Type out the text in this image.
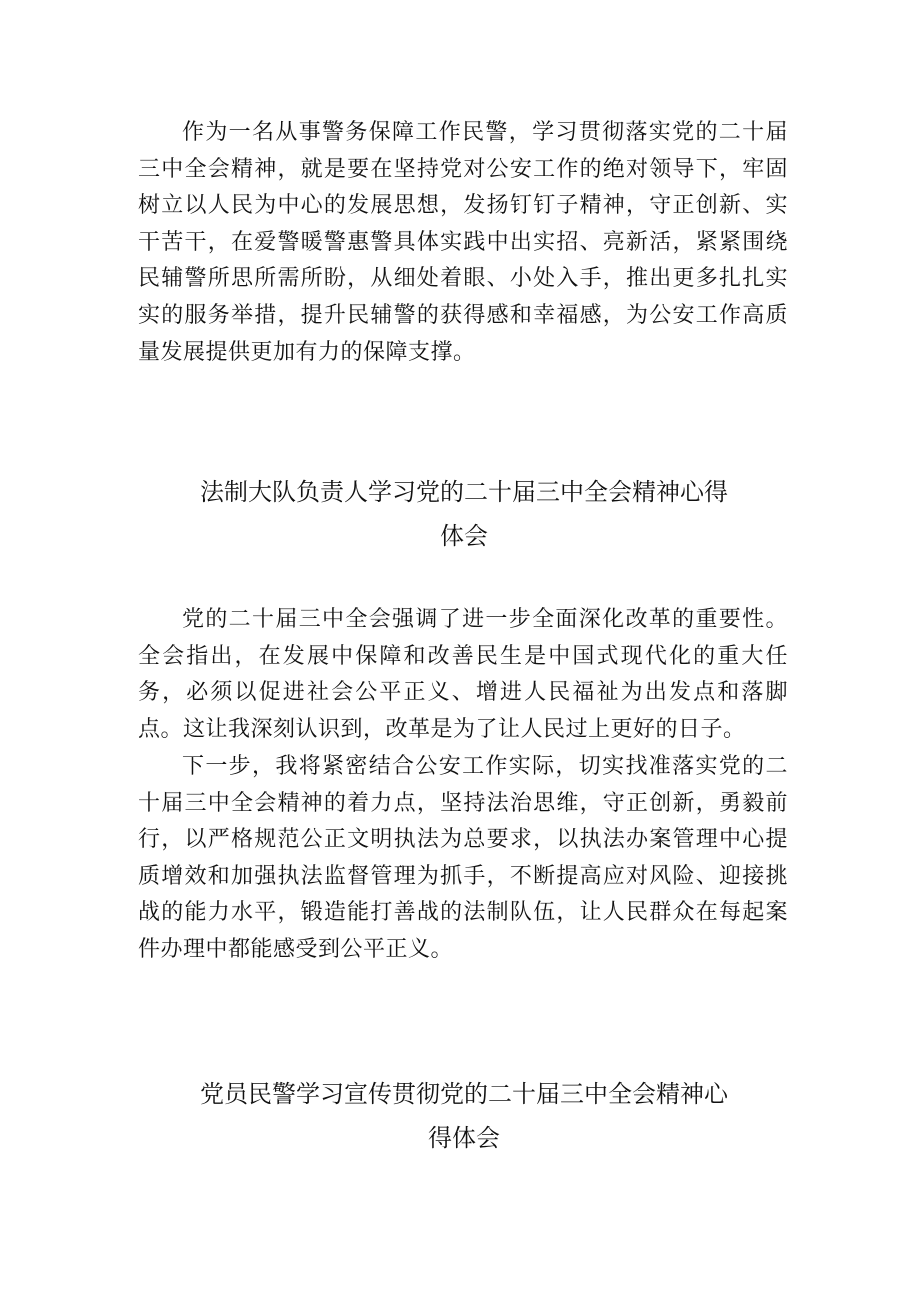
作为一名从事警务保障工作民警，学习贯彻落实党的二十届三中全会精神，就是要在坚持党对公安工作的绝对领导下，牢固树立以人民为中心的发展思想，发扬钉钉子精神，守正创新、实干苦干，在爱警暖警惠警具体实践中出实招、亮新活，紧紧围绕民辅警所思所需所盼，从细处着眼、小处入手，推出更多扎扎实实的服务举措，提升民辅警的获得感和幸福感，为公安工作高质量发展提供更加有力的保障支撑。

法制大队负责人学习党的二十届三中全会精神心得体会

党的二十届三中全会强调了进一步全面深化改革的重要性。全会指出，在发展中保障和改善民生是中国式现代化的重大任务，必须以促进社会公平正义、增进人民福祉为出发点和落脚点。这让我深刻认识到，改革是为了让人民过上更好的日子。

下一步，我将紧密结合公安工作实际，切实找准落实党的二十届三中全会精神的着力点，坚持法治思维，守正创新，勇毅前行，以严格规范公正文明执法为总要求，以执法办案管理中心提质增效和加强执法监督管理为抓手，不断提高应对风险、迎接挑战的能力水平，锻造能打善战的法制队伍，让人民群众在每起案件办理中都能感受到公平正义。

党员民警学习宣传贯彻党的二十届三中全会精神心得体会
